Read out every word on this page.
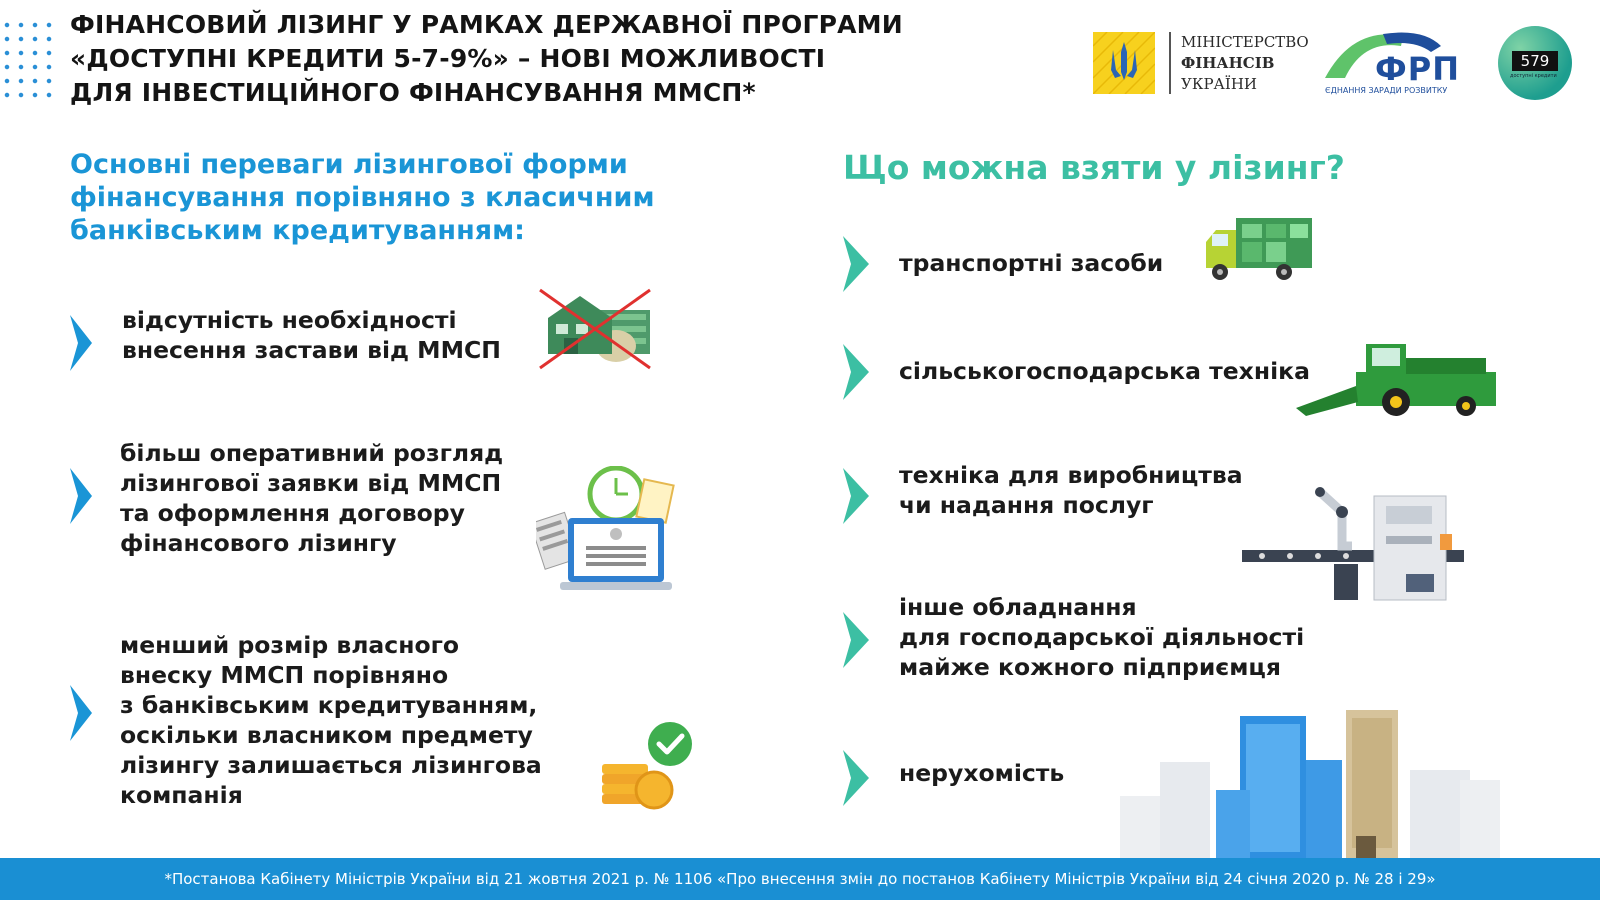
ФІНАНСОВИЙ ЛІЗИНГ У РАМКАХ ДЕРЖАВНОЇ ПРОГРАМИ
«ДОСТУПНІ КРЕДИТИ 5-7-9%» – НОВІ МОЖЛИВОСТІ
ДЛЯ ІНВЕСТИЦІЙНОГО ФІНАНСУВАННЯ ММСП*
МІНІСТЕРСТВО
ФІНАНСІВ
УКРАЇНИ	ФРП
ЄДНАННЯ ЗАРАДИ РОЗВИТКУ
579
доступні кредити
Основні переваги лізингової форми
фінансування порівняно з класичним
банківським кредитуванням:
Що можна взяти у лізинг?
відсутність необхідності
внесення застави від ММСП
більш оперативний розгляд
лізингової заявки від ММСП
та оформлення договору
фінансового лізингу
менший розмір власного
внеску ММСП порівняно
з банківським кредитуванням,
оскільки власником предмету
лізингу залишається лізингова
компанія
транспортні засоби
сільськогосподарська техніка
техніка для виробництва
чи надання послуг
інше обладнання
для господарської діяльності
майже кожного підприємця
нерухомість
*Постанова Кабінету Міністрів України від 21 жовтня 2021 р. № 1106 «Про внесення змін до постанов Кабінету Міністрів України від 24 січня 2020 р. № 28 і 29»
